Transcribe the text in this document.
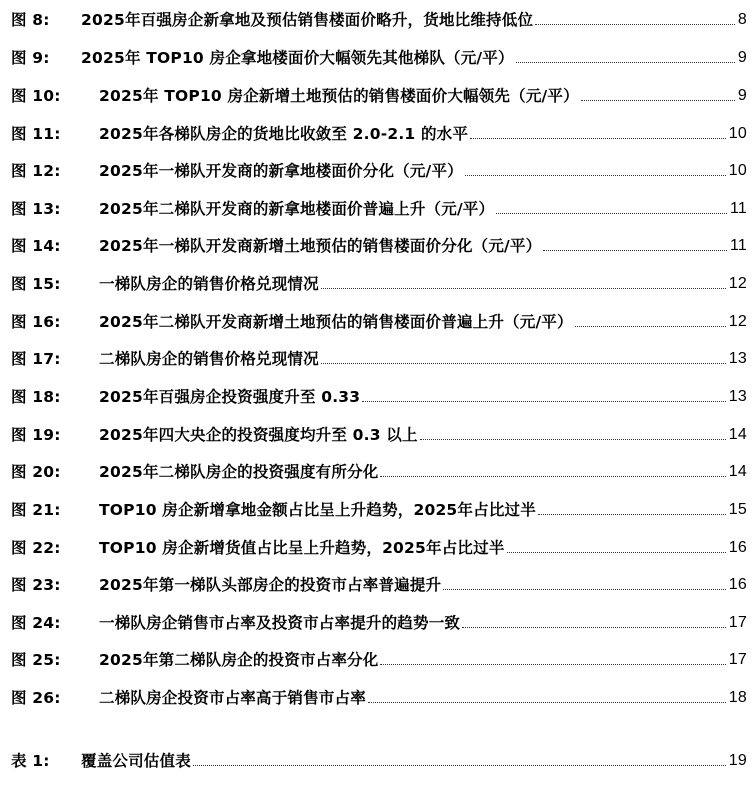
图 8:	2025年百强房企新拿地及预估销售楼面价略升，货地比维持低位	8
图 9:	2025年 TOP10 房企拿地楼面价大幅领先其他梯队（元/平）	9
图 10:	2025年 TOP10 房企新增土地预估的销售楼面价大幅领先（元/平）	9
图 11:	2025年各梯队房企的货地比收敛至 2.0-2.1 的水平	10
图 12:	2025年一梯队开发商的新拿地楼面价分化（元/平）	10
图 13:	2025年二梯队开发商的新拿地楼面价普遍上升（元/平）	11
图 14:	2025年一梯队开发商新增土地预估的销售楼面价分化（元/平）	11
图 15:	一梯队房企的销售价格兑现情况	12
图 16:	2025年二梯队开发商新增土地预估的销售楼面价普遍上升（元/平）	12
图 17:	二梯队房企的销售价格兑现情况	13
图 18:	2025年百强房企投资强度升至 0.33	13
图 19:	2025年四大央企的投资强度均升至 0.3 以上	14
图 20:	2025年二梯队房企的投资强度有所分化	14
图 21:	TOP10 房企新增拿地金额占比呈上升趋势，2025年占比过半	15
图 22:	TOP10 房企新增货值占比呈上升趋势，2025年占比过半	16
图 23:	2025年第一梯队头部房企的投资市占率普遍提升	16
图 24:	一梯队房企销售市占率及投资市占率提升的趋势一致	17
图 25:	2025年第二梯队房企的投资市占率分化	17
图 26:	二梯队房企投资市占率高于销售市占率	18
表 1:	覆盖公司估值表	19
